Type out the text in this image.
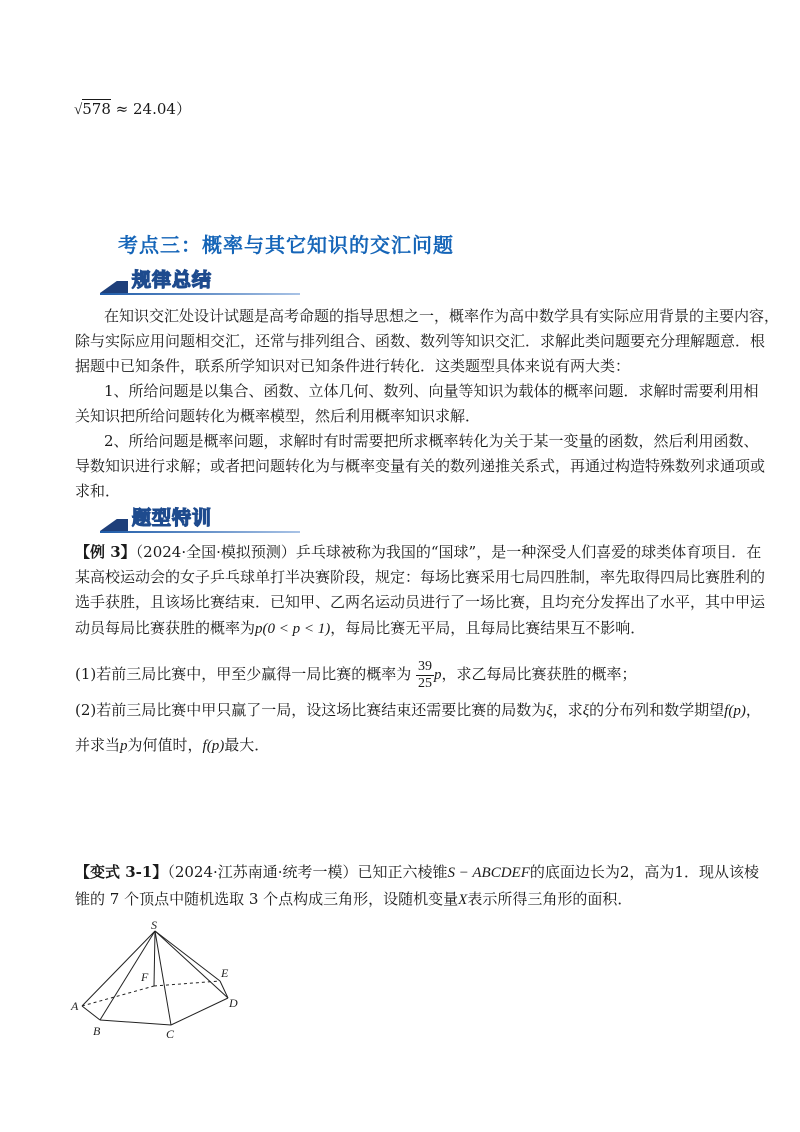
√578 ≈ 24.04）
考点三：概率与其它知识的交汇问题
规律总结
在知识交汇处设计试题是高考命题的指导思想之一，概率作为高中数学具有实际应用背景的主要内容，
除与实际应用问题相交汇，还常与排列组合、函数、数列等知识交汇．求解此类问题要充分理解题意．根
据题中已知条件，联系所学知识对已知条件进行转化．这类题型具体来说有两大类：
1、所给问题是以集合、函数、立体几何、数列、向量等知识为载体的概率问题．求解时需要利用相
关知识把所给问题转化为概率模型，然后利用概率知识求解．
2、所给问题是概率问题，求解时有时需要把所求概率转化为关于某一变量的函数，然后利用函数、
导数知识进行求解；或者把问题转化为与概率变量有关的数列递推关系式，再通过构造特殊数列求通项或
求和．
题型特训
【例 3】（2024·全国·模拟预测）乒乓球被称为我国的“国球”，是一种深受人们喜爱的球类体育项目．在
某高校运动会的女子乒乓球单打半决赛阶段，规定：每场比赛采用七局四胜制，率先取得四局比赛胜利的
选手获胜，且该场比赛结束．已知甲、乙两名运动员进行了一场比赛，且均充分发挥出了水平，其中甲运
动员每局比赛获胜的概率为p(0 < p < 1)，每局比赛无平局，且每局比赛结果互不影响．
(1)若前三局比赛中，甲至少赢得一局比赛的概率为 $\frac{39}{25}$ p，求乙每局比赛获胜的概率；
(2)若前三局比赛中甲只赢了一局，设这场比赛结束还需要比赛的局数为ξ，求ξ的分布列和数学期望f(p)，
并求当p为何值时，f(p)最大．
【变式 3-1】（2024·江苏南通·统考一模）已知正六棱锥S − ABCDEF的底面边长为2，高为1．现从该棱
锥的 7 个顶点中随机选取 3 个点构成三角形，设随机变量X表示所得三角形的面积．
S
F	E
A	D
B	C
